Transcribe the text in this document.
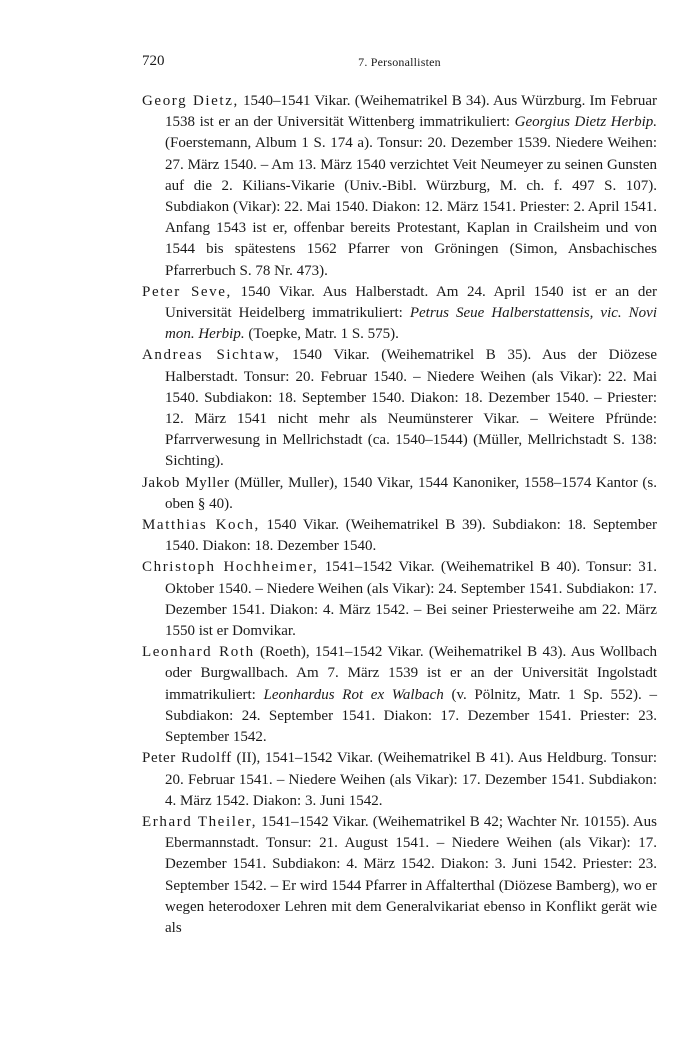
720	7. Personallisten

Georg Dietz, 1540–1541 Vikar. (Weihematrikel B 34). Aus Würzburg. Im Februar 1538 ist er an der Universität Wittenberg immatrikuliert: Georgius Dietz Herbip. (Foerstemann, Album 1 S. 174 a). Tonsur: 20. Dezember 1539. Niedere Weihen: 27. März 1540. – Am 13. März 1540 verzichtet Veit Neumeyer zu seinen Gunsten auf die 2. Kilians-Vikarie (Univ.-Bibl. Würzburg, M. ch. f. 497 S. 107). Subdiakon (Vikar): 22. Mai 1540. Diakon: 12. März 1541. Priester: 2. April 1541. Anfang 1543 ist er, offenbar bereits Protestant, Kaplan in Crailsheim und von 1544 bis spätestens 1562 Pfarrer von Gröningen (Simon, Ansbachisches Pfarrerbuch S. 78 Nr. 473).

Peter Seve, 1540 Vikar. Aus Halberstadt. Am 24. April 1540 ist er an der Universität Heidelberg immatrikuliert: Petrus Seue Halberstattensis, vic. Novi mon. Herbip. (Toepke, Matr. 1 S. 575).

Andreas Sichtaw, 1540 Vikar. (Weihematrikel B 35). Aus der Diözese Halberstadt. Tonsur: 20. Februar 1540. – Niedere Weihen (als Vikar): 22. Mai 1540. Subdiakon: 18. September 1540. Diakon: 18. Dezember 1540. – Priester: 12. März 1541 nicht mehr als Neumünsterer Vikar. – Weitere Pfründe: Pfarrverwesung in Mellrichstadt (ca. 1540–1544) (Müller, Mellrichstadt S. 138: Sichting).

Jakob Myller (Müller, Muller), 1540 Vikar, 1544 Kanoniker, 1558–1574 Kantor (s. oben § 40).

Matthias Koch, 1540 Vikar. (Weihematrikel B 39). Subdiakon: 18. September 1540. Diakon: 18. Dezember 1540.

Christoph Hochheimer, 1541–1542 Vikar. (Weihematrikel B 40). Tonsur: 31. Oktober 1540. – Niedere Weihen (als Vikar): 24. September 1541. Subdiakon: 17. Dezember 1541. Diakon: 4. März 1542. – Bei seiner Priesterweihe am 22. März 1550 ist er Domvikar.

Leonhard Roth (Roeth), 1541–1542 Vikar. (Weihematrikel B 43). Aus Wollbach oder Burgwallbach. Am 7. März 1539 ist er an der Universität Ingolstadt immatrikuliert: Leonhardus Rot ex Walbach (v. Pölnitz, Matr. 1 Sp. 552). – Subdiakon: 24. September 1541. Diakon: 17. Dezember 1541. Priester: 23. September 1542.

Peter Rudolff (II), 1541–1542 Vikar. (Weihematrikel B 41). Aus Heldburg. Tonsur: 20. Februar 1541. – Niedere Weihen (als Vikar): 17. Dezember 1541. Subdiakon: 4. März 1542. Diakon: 3. Juni 1542.

Erhard Theiler, 1541–1542 Vikar. (Weihematrikel B 42; Wachter Nr. 10155). Aus Ebermannstadt. Tonsur: 21. August 1541. – Niedere Weihen (als Vikar): 17. Dezember 1541. Subdiakon: 4. März 1542. Diakon: 3. Juni 1542. Priester: 23. September 1542. – Er wird 1544 Pfarrer in Affalterthal (Diözese Bamberg), wo er wegen heterodoxer Lehren mit dem Generalvikariat ebenso in Konflikt gerät wie als
